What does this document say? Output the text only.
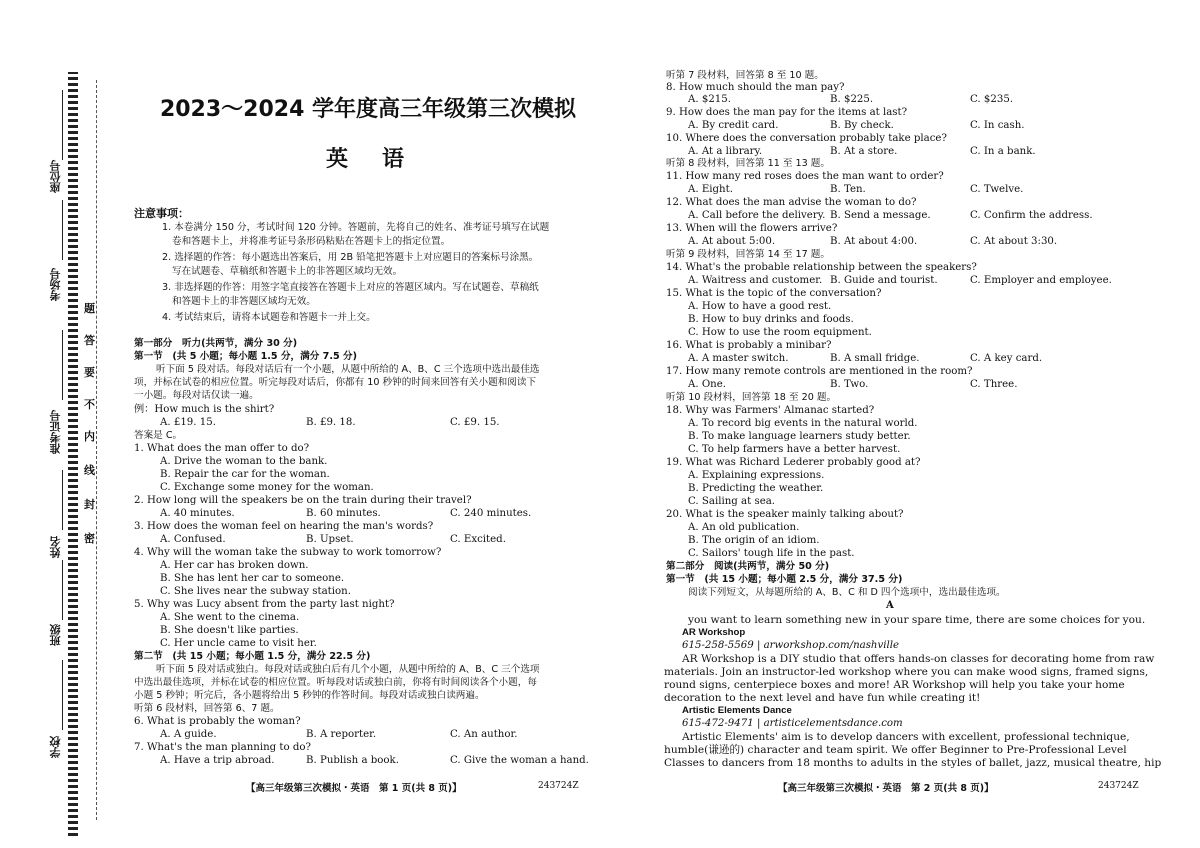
座位号
考场号
准考证号
姓名
班级
学校
题
答
要
不
内
线
封
密
2023～2024 学年度高三年级第三次模拟
英　语
注意事项：
1. 本卷满分 150 分，考试时间 120 分钟。答题前，先将自己的姓名、准考证号填写在试题
卷和答题卡上，并将准考证号条形码粘贴在答题卡上的指定位置。
2. 选择题的作答：每小题选出答案后，用 2B 铅笔把答题卡上对应题目的答案标号涂黑。
写在试题卷、草稿纸和答题卡上的非答题区域均无效。
3. 非选择题的作答：用签字笔直接答在答题卡上对应的答题区域内。写在试题卷、草稿纸
和答题卡上的非答题区域均无效。
4. 考试结束后，请将本试题卷和答题卡一并上交。
第一部分　听力(共两节，满分 30 分)
第一节　(共 5 小题；每小题 1.5 分，满分 7.5 分)
听下面 5 段对话。每段对话后有一个小题，从题中所给的 A、B、C 三个选项中选出最佳选
项，并标在试卷的相应位置。听完每段对话后，你都有 10 秒钟的时间来回答有关小题和阅读下
一小题。每段对话仅读一遍。
例：How much is the shirt?
A. £19. 15.	B. £9. 18.	C. £9. 15.
答案是 C。
1. What does the man offer to do?
A. Drive the woman to the bank.
B. Repair the car for the woman.
C. Exchange some money for the woman.
2. How long will the speakers be on the train during their travel?
A. 40 minutes.	B. 60 minutes.	C. 240 minutes.
3. How does the woman feel on hearing the man's words?
A. Confused.	B. Upset.	C. Excited.
4. Why will the woman take the subway to work tomorrow?
A. Her car has broken down.
B. She has lent her car to someone.
C. She lives near the subway station.
5. Why was Lucy absent from the party last night?
A. She went to the cinema.
B. She doesn't like parties.
C. Her uncle came to visit her.
第二节　(共 15 小题；每小题 1.5 分，满分 22.5 分)
听下面 5 段对话或独白。每段对话或独白后有几个小题，从题中所给的 A、B、C 三个选项
中选出最佳选项，并标在试卷的相应位置。听每段对话或独白前，你将有时间阅读各个小题，每
小题 5 秒钟；听完后，各小题将给出 5 秒钟的作答时间。每段对话或独白读两遍。
听第 6 段材料，回答第 6、7 题。
6. What is probably the woman?
A. A guide.	B. A reporter.	C. An author.
7. What's the man planning to do?
A. Have a trip abroad.	B. Publish a book.	C. Give the woman a hand.
【高三年级第三次模拟・英语　第 1 页(共 8 页)】	243724Z
听第 7 段材料，回答第 8 至 10 题。
8. How much should the man pay?
A. $215.	B. $225.	C. $235.
9. How does the man pay for the items at last?
A. By credit card.	B. By check.	C. In cash.
10. Where does the conversation probably take place?
A. At a library.	B. At a store.	C. In a bank.
听第 8 段材料，回答第 11 至 13 题。
11. How many red roses does the man want to order?
A. Eight.	B. Ten.	C. Twelve.
12. What does the man advise the woman to do?
A. Call before the delivery. B. Send a message.	C. Confirm the address.
13. When will the flowers arrive?
A. At about 5:00.	B. At about 4:00.	C. At about 3:30.
听第 9 段材料，回答第 14 至 17 题。
14. What's the probable relationship between the speakers?
A. Waitress and customer. B. Guide and tourist.	C. Employer and employee.
15. What is the topic of the conversation?
A. How to have a good rest.
B. How to buy drinks and foods.
C. How to use the room equipment.
16. What is probably a minibar?
A. A master switch.	B. A small fridge.	C. A key card.
17. How many remote controls are mentioned in the room?
A. One.	B. Two.	C. Three.
听第 10 段材料，回答第 18 至 20 题。
18. Why was Farmers' Almanac started?
A. To record big events in the natural world.
B. To make language learners study better.
C. To help farmers have a better harvest.
19. What was Richard Lederer probably good at?
A. Explaining expressions.
B. Predicting the weather.
C. Sailing at sea.
20. What is the speaker mainly talking about?
A. An old publication.
B. The origin of an idiom.
C. Sailors' tough life in the past.
第二部分　阅读(共两节，满分 50 分)
第一节　(共 15 小题；每小题 2.5 分，满分 37.5 分)
阅读下列短文，从每题所给的 A、B、C 和 D 四个选项中，选出最佳选项。
A
you want to learn something new in your spare time, there are some choices for you.
AR Workshop
615-258-5569 | arworkshop.com/nashville
AR Workshop is a DIY studio that offers hands-on classes for decorating home from raw
materials. Join an instructor-led workshop where you can make wood signs, framed signs,
round signs, centerpiece boxes and more! AR Workshop will help you take your home
decoration to the next level and have fun while creating it!
Artistic Elements Dance
615-472-9471 | artisticelementsdance.com
Artistic Elements' aim is to develop dancers with excellent, professional technique,
humble(谦逊的) character and team spirit. We offer Beginner to Pre-Professional Level
Classes to dancers from 18 months to adults in the styles of ballet, jazz, musical theatre, hip
【高三年级第三次模拟・英语　第 2 页(共 8 页)】	243724Z
